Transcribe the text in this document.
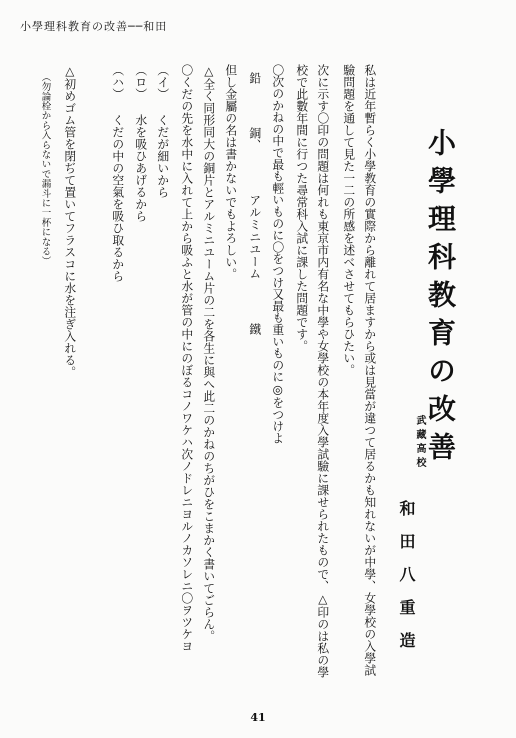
小學理科教育の改善──和田
小學理科教育の改善
武藏高校
和田八重造
私は近年暫らく小學教育の實際から離れて居ますから或は見當が違つて居るかも知れないが中學、女學校の入學試
驗問題を通して見た一二の所感を述べさせてもらひたい。
次に示す〇印の問題は何れも東京市内有名な中學や女學校の本年度入學試驗に課せられたもので、△印のは私の學
校で此數年間に行つた尋常科入試に課した問題です。
〇次のかねの中で最も輕いものに〇をつけ又最も重いものに◎をつけよ
鉛 銅、 アルミニユーム 鐵
但し金屬の名は書かないでもよろしい。
△全く同形同大の銅片とアルミニユーム片の二を各生に與へ此二のかねのちがひをこまかく書いてごらん。
〇くだの先を水中に入れて上から吸ふと水が管の中にのぼるコノワケハ次ノドレニヨルノカソレニ〇ヲツケヨ
（イ） くだが細いから
（ロ） 水を吸ひあげるから
（ハ） くだの中の空氣を吸ひ取るから
△初めゴム管を閉ぢて置いてフラスコに水を注ぎ入れる。
（勿論栓から入らないで漏斗に一杯になる）
41
